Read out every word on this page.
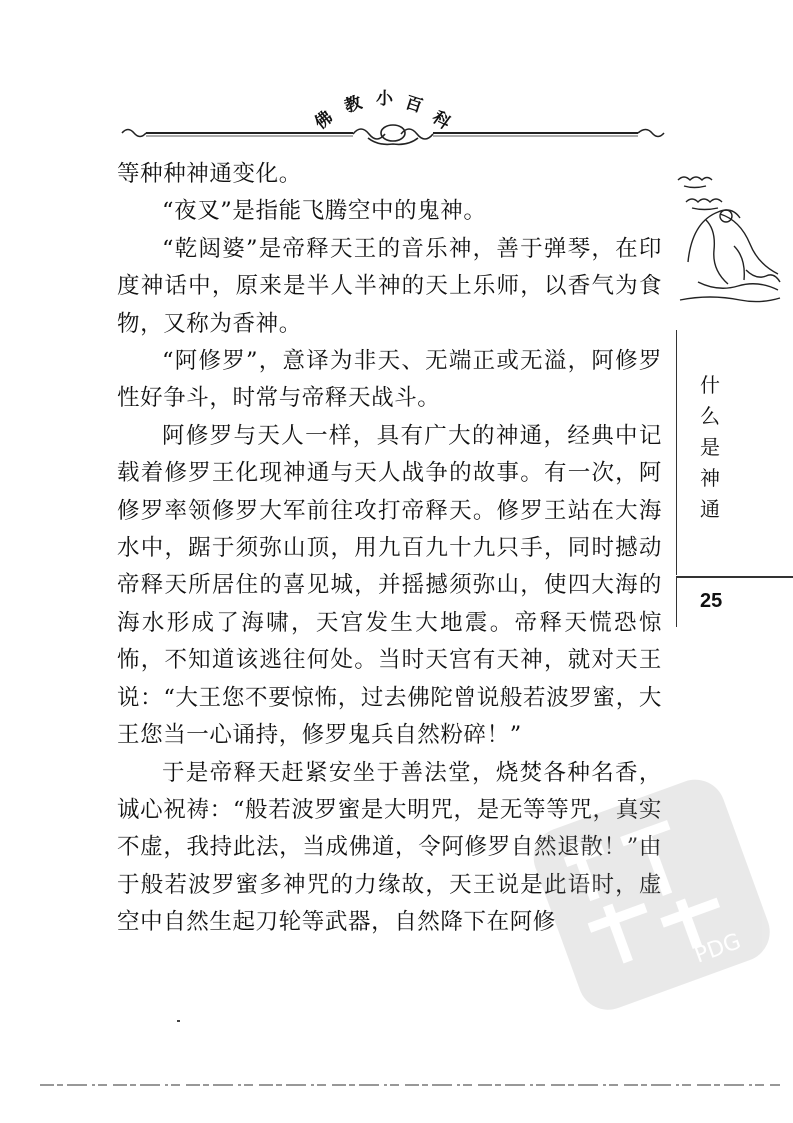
佛
教 小 百
科

等种种神通变化。

“夜叉”是指能飞腾空中的鬼神。

“乾闼婆”是帝释天王的音乐神，善于弹琴，在印度神话中，原来是半人半神的天上乐师，以香气为食物，又称为香神。

“阿修罗”，意译为非天、无端正或无溢，阿修罗性好争斗，时常与帝释天战斗。

阿修罗与天人一样，具有广大的神通，经典中记载着修罗王化现神通与天人战争的故事。有一次，阿修罗率领修罗大军前往攻打帝释天。修罗王站在大海水中，踞于须弥山顶，用九百九十九只手，同时撼动帝释天所居住的喜见城，并摇撼须弥山，使四大海的海水形成了海啸，天宫发生大地震。帝释天慌恐惊怖，不知道该逃往何处。当时天宫有天神，就对天王说：“大王您不要惊怖，过去佛陀曾说般若波罗蜜，大王您当一心诵持，修罗鬼兵自然粉碎！”

于是帝释天赶紧安坐于善法堂，烧焚各种名香，诚心祝祷：“般若波罗蜜是大明咒，是无等等咒，真实不虚，我持此法，当成佛道，令阿修罗自然退散！”由于般若波罗蜜多神咒的力缘故，天王说是此语时，虚空中自然生起刀轮等武器，自然降下在阿修

什
么
是
神
通
25
PDG
